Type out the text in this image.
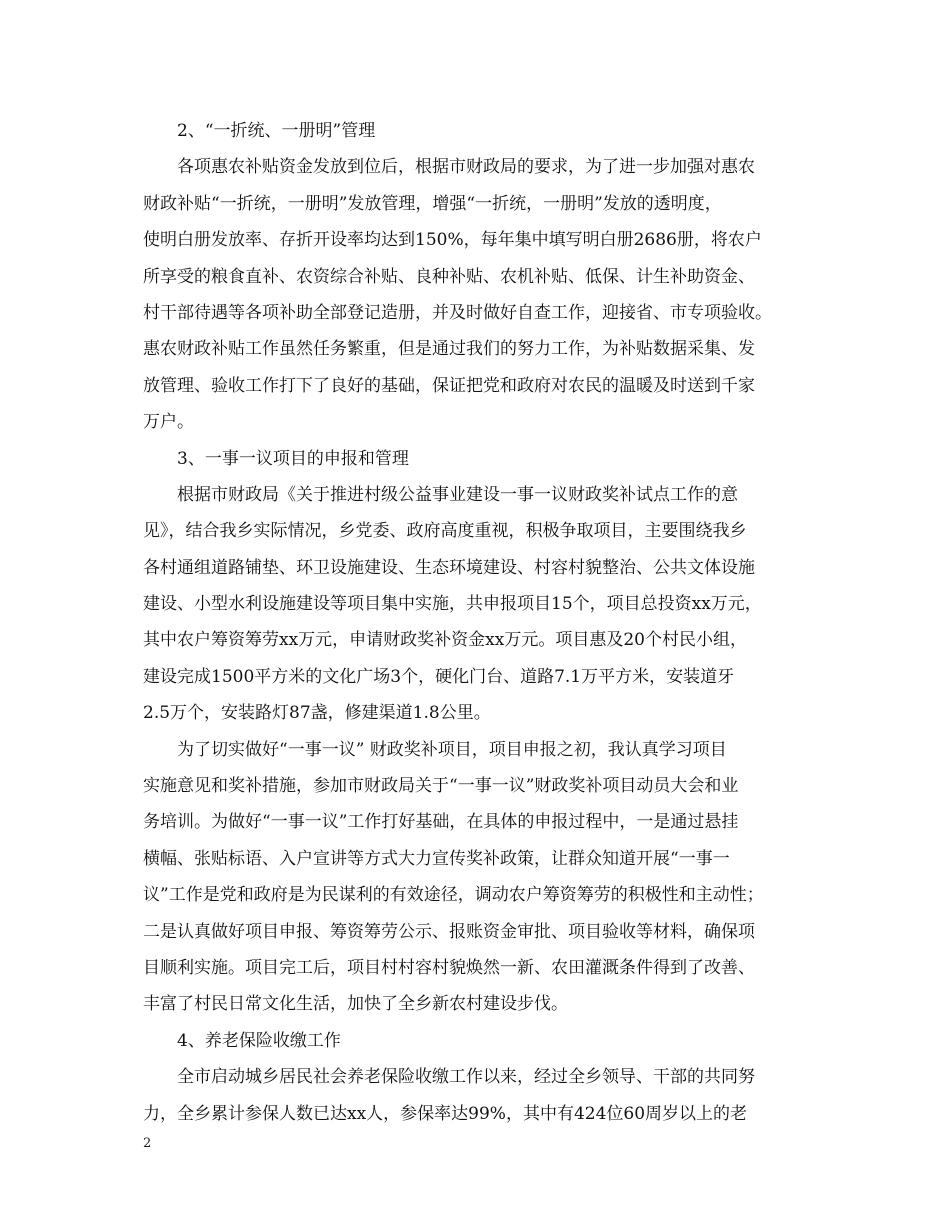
2、“一折统、一册明”管理
各项惠农补贴资金发放到位后，根据市财政局的要求，为了进一步加强对惠农
财政补贴“一折统，一册明”发放管理，增强“一折统，一册明”发放的透明度，
使明白册发放率、存折开设率均达到150%，每年集中填写明白册2686册，将农户
所享受的粮食直补、农资综合补贴、良种补贴、农机补贴、低保、计生补助资金、
村干部待遇等各项补助全部登记造册，并及时做好自查工作，迎接省、市专项验收。
惠农财政补贴工作虽然任务繁重，但是通过我们的努力工作，为补贴数据采集、发
放管理、验收工作打下了良好的基础，保证把党和政府对农民的温暖及时送到千家
万户。
3、一事一议项目的申报和管理
根据市财政局《关于推进村级公益事业建设一事一议财政奖补试点工作的意
见》，结合我乡实际情况，乡党委、政府高度重视，积极争取项目，主要围绕我乡
各村通组道路铺垫、环卫设施建设、生态环境建设、村容村貌整治、公共文体设施
建设、小型水利设施建设等项目集中实施，共申报项目15个，项目总投资xx万元，
其中农户筹资筹劳xx万元，申请财政奖补资金xx万元。项目惠及20个村民小组，
建设完成1500平方米的文化广场3个，硬化门台、道路7.1万平方米，安装道牙
2.5万个，安装路灯87盏，修建渠道1.8公里。
为了切实做好“一事一议” 财政奖补项目，项目申报之初，我认真学习项目
实施意见和奖补措施，参加市财政局关于“一事一议”财政奖补项目动员大会和业
务培训。为做好“一事一议”工作打好基础，在具体的申报过程中，一是通过悬挂
横幅、张贴标语、入户宣讲等方式大力宣传奖补政策，让群众知道开展“一事一
议”工作是党和政府是为民谋利的有效途径，调动农户筹资筹劳的积极性和主动性；
二是认真做好项目申报、筹资筹劳公示、报账资金审批、项目验收等材料，确保项
目顺利实施。项目完工后，项目村村容村貌焕然一新、农田灌溉条件得到了改善、
丰富了村民日常文化生活，加快了全乡新农村建设步伐。
4、养老保险收缴工作
全市启动城乡居民社会养老保险收缴工作以来，经过全乡领导、干部的共同努
力，全乡累计参保人数已达xx人，参保率达99%，其中有424位60周岁以上的老
2
